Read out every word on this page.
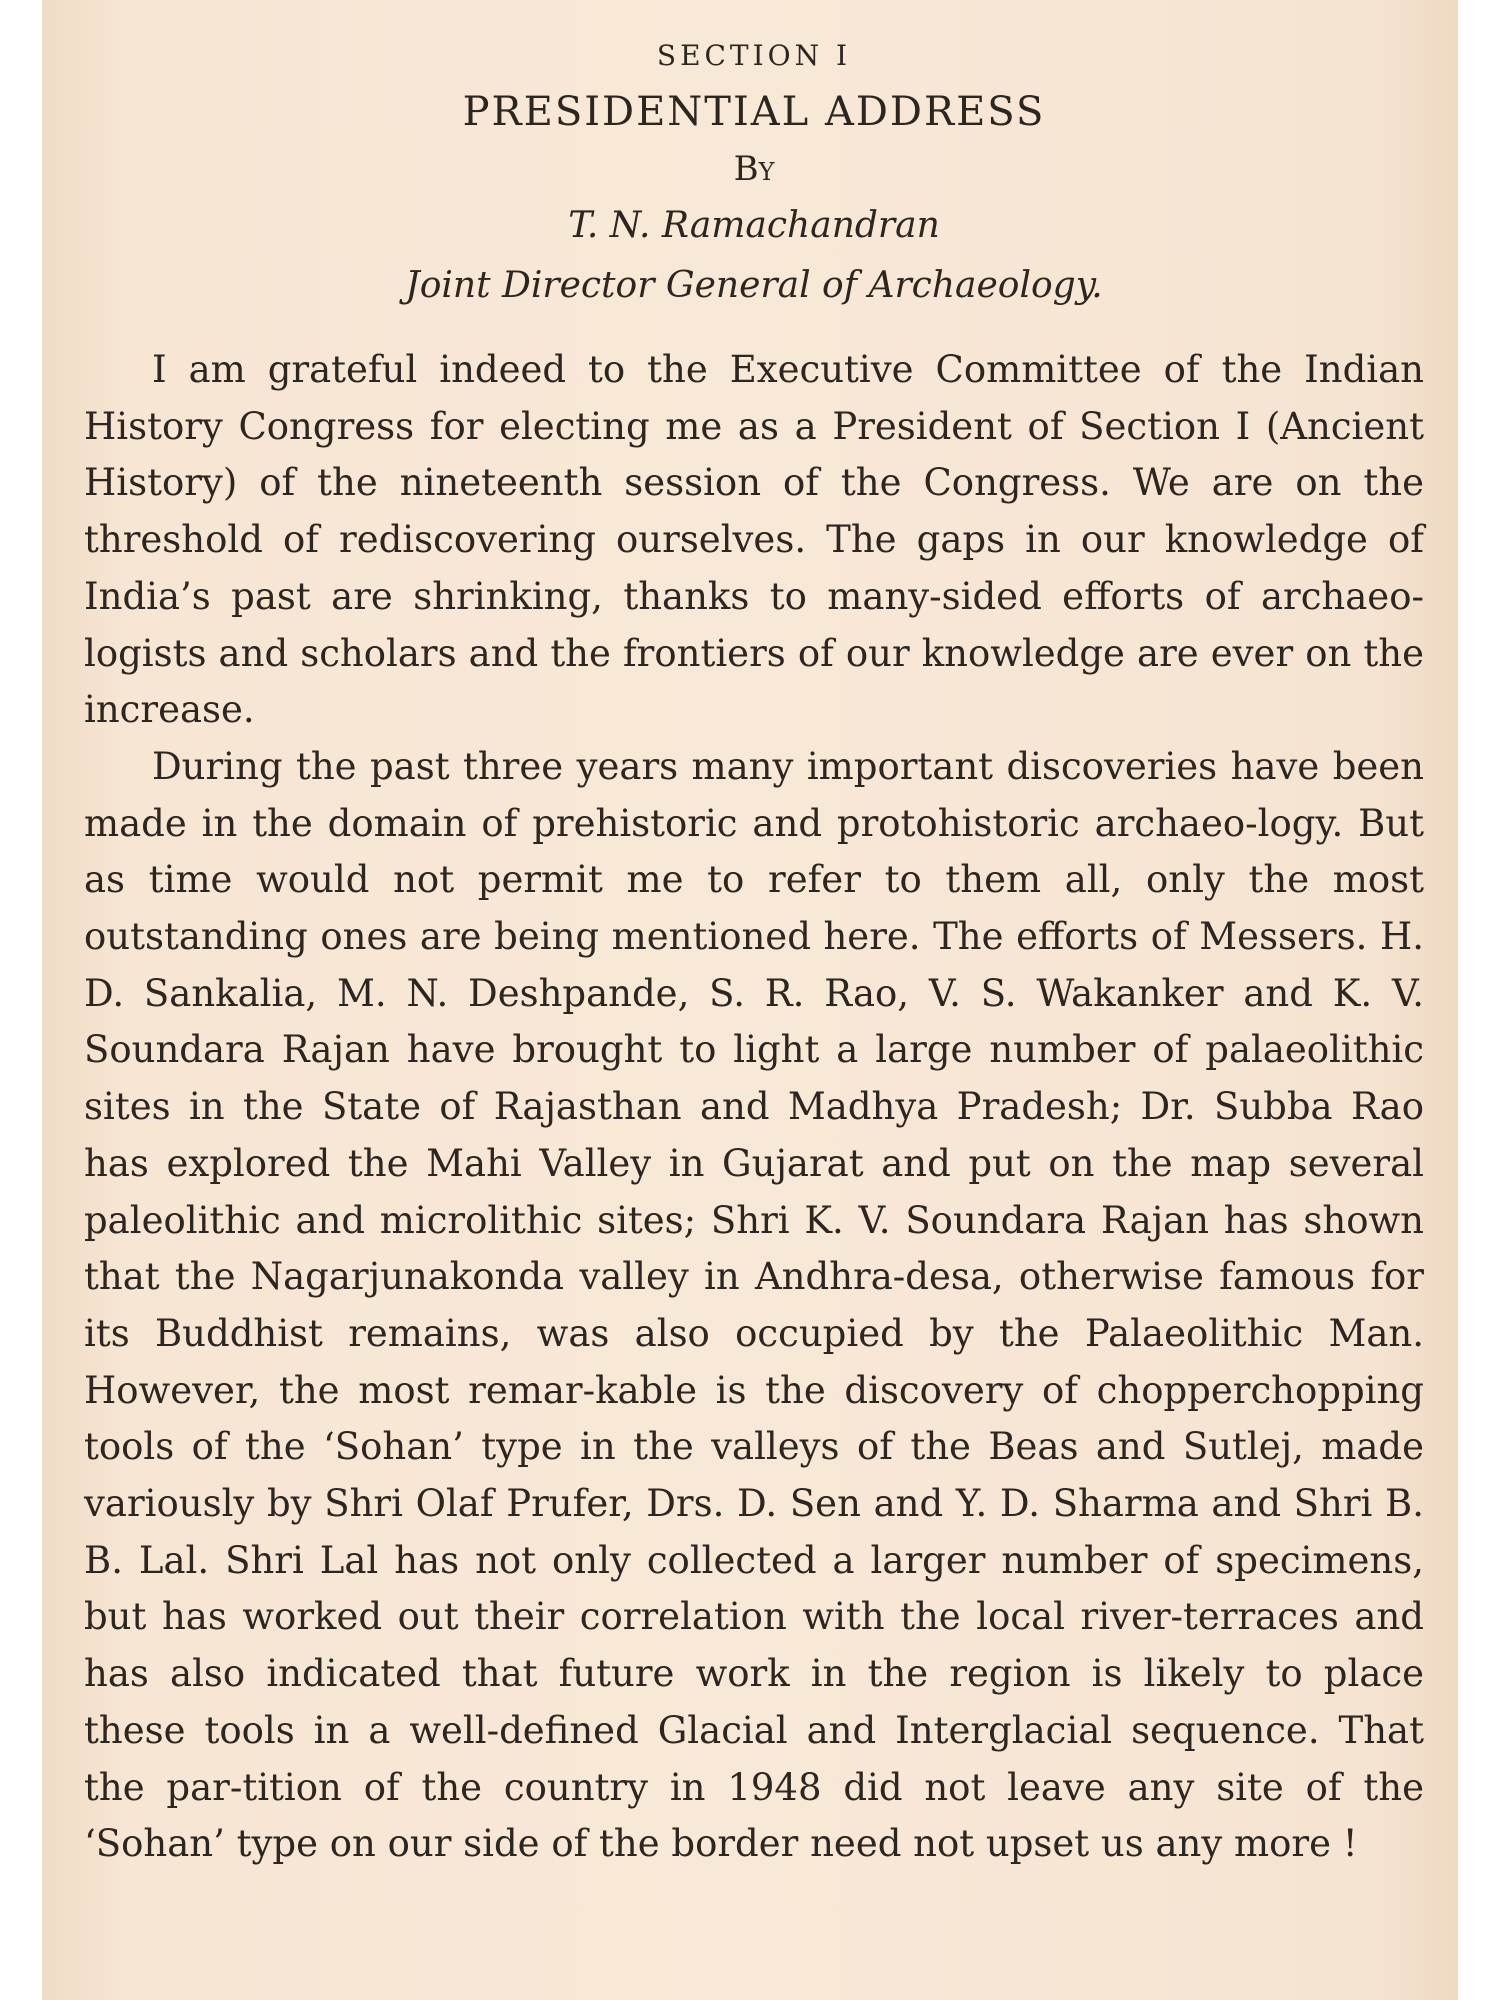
SECTION I

PRESIDENTIAL ADDRESS

By

T. N. Ramachandran

Joint Director General of Archaeology.

I am grateful indeed to the Executive Committee of the Indian History Congress for electing me as a President of Section I (Ancient History) of the nineteenth session of the Congress. We are on the threshold of rediscovering ourselves. The gaps in our knowledge of India’s past are shrinking, thanks to many-sided efforts of archaeo-logists and scholars and the frontiers of our knowledge are ever on the increase.

During the past three years many important discoveries have been made in the domain of prehistoric and protohistoric archaeo-logy. But as time would not permit me to refer to them all, only the most outstanding ones are being mentioned here. The efforts of Messers. H. D. Sankalia, M. N. Deshpande, S. R. Rao, V. S. Wakanker and K. V. Soundara Rajan have brought to light a large number of palaeolithic sites in the State of Rajasthan and Madhya Pradesh; Dr. Subba Rao has explored the Mahi Valley in Gujarat and put on the map several paleolithic and microlithic sites; Shri K. V. Soundara Rajan has shown that the Nagarjunakonda valley in Andhra-desa, otherwise famous for its Buddhist remains, was also occupied by the Palaeolithic Man. However, the most remar-kable is the discovery of chopperchopping tools of the ‘Sohan’ type in the valleys of the Beas and Sutlej, made variously by Shri Olaf Prufer, Drs. D. Sen and Y. D. Sharma and Shri B. B. Lal. Shri Lal has not only collected a larger number of specimens, but has worked out their correlation with the local river-terraces and has also indicated that future work in the region is likely to place these tools in a well-defined Glacial and Interglacial sequence. That the par-tition of the country in 1948 did not leave any site of the ‘Sohan’ type on our side of the border need not upset us any more !
